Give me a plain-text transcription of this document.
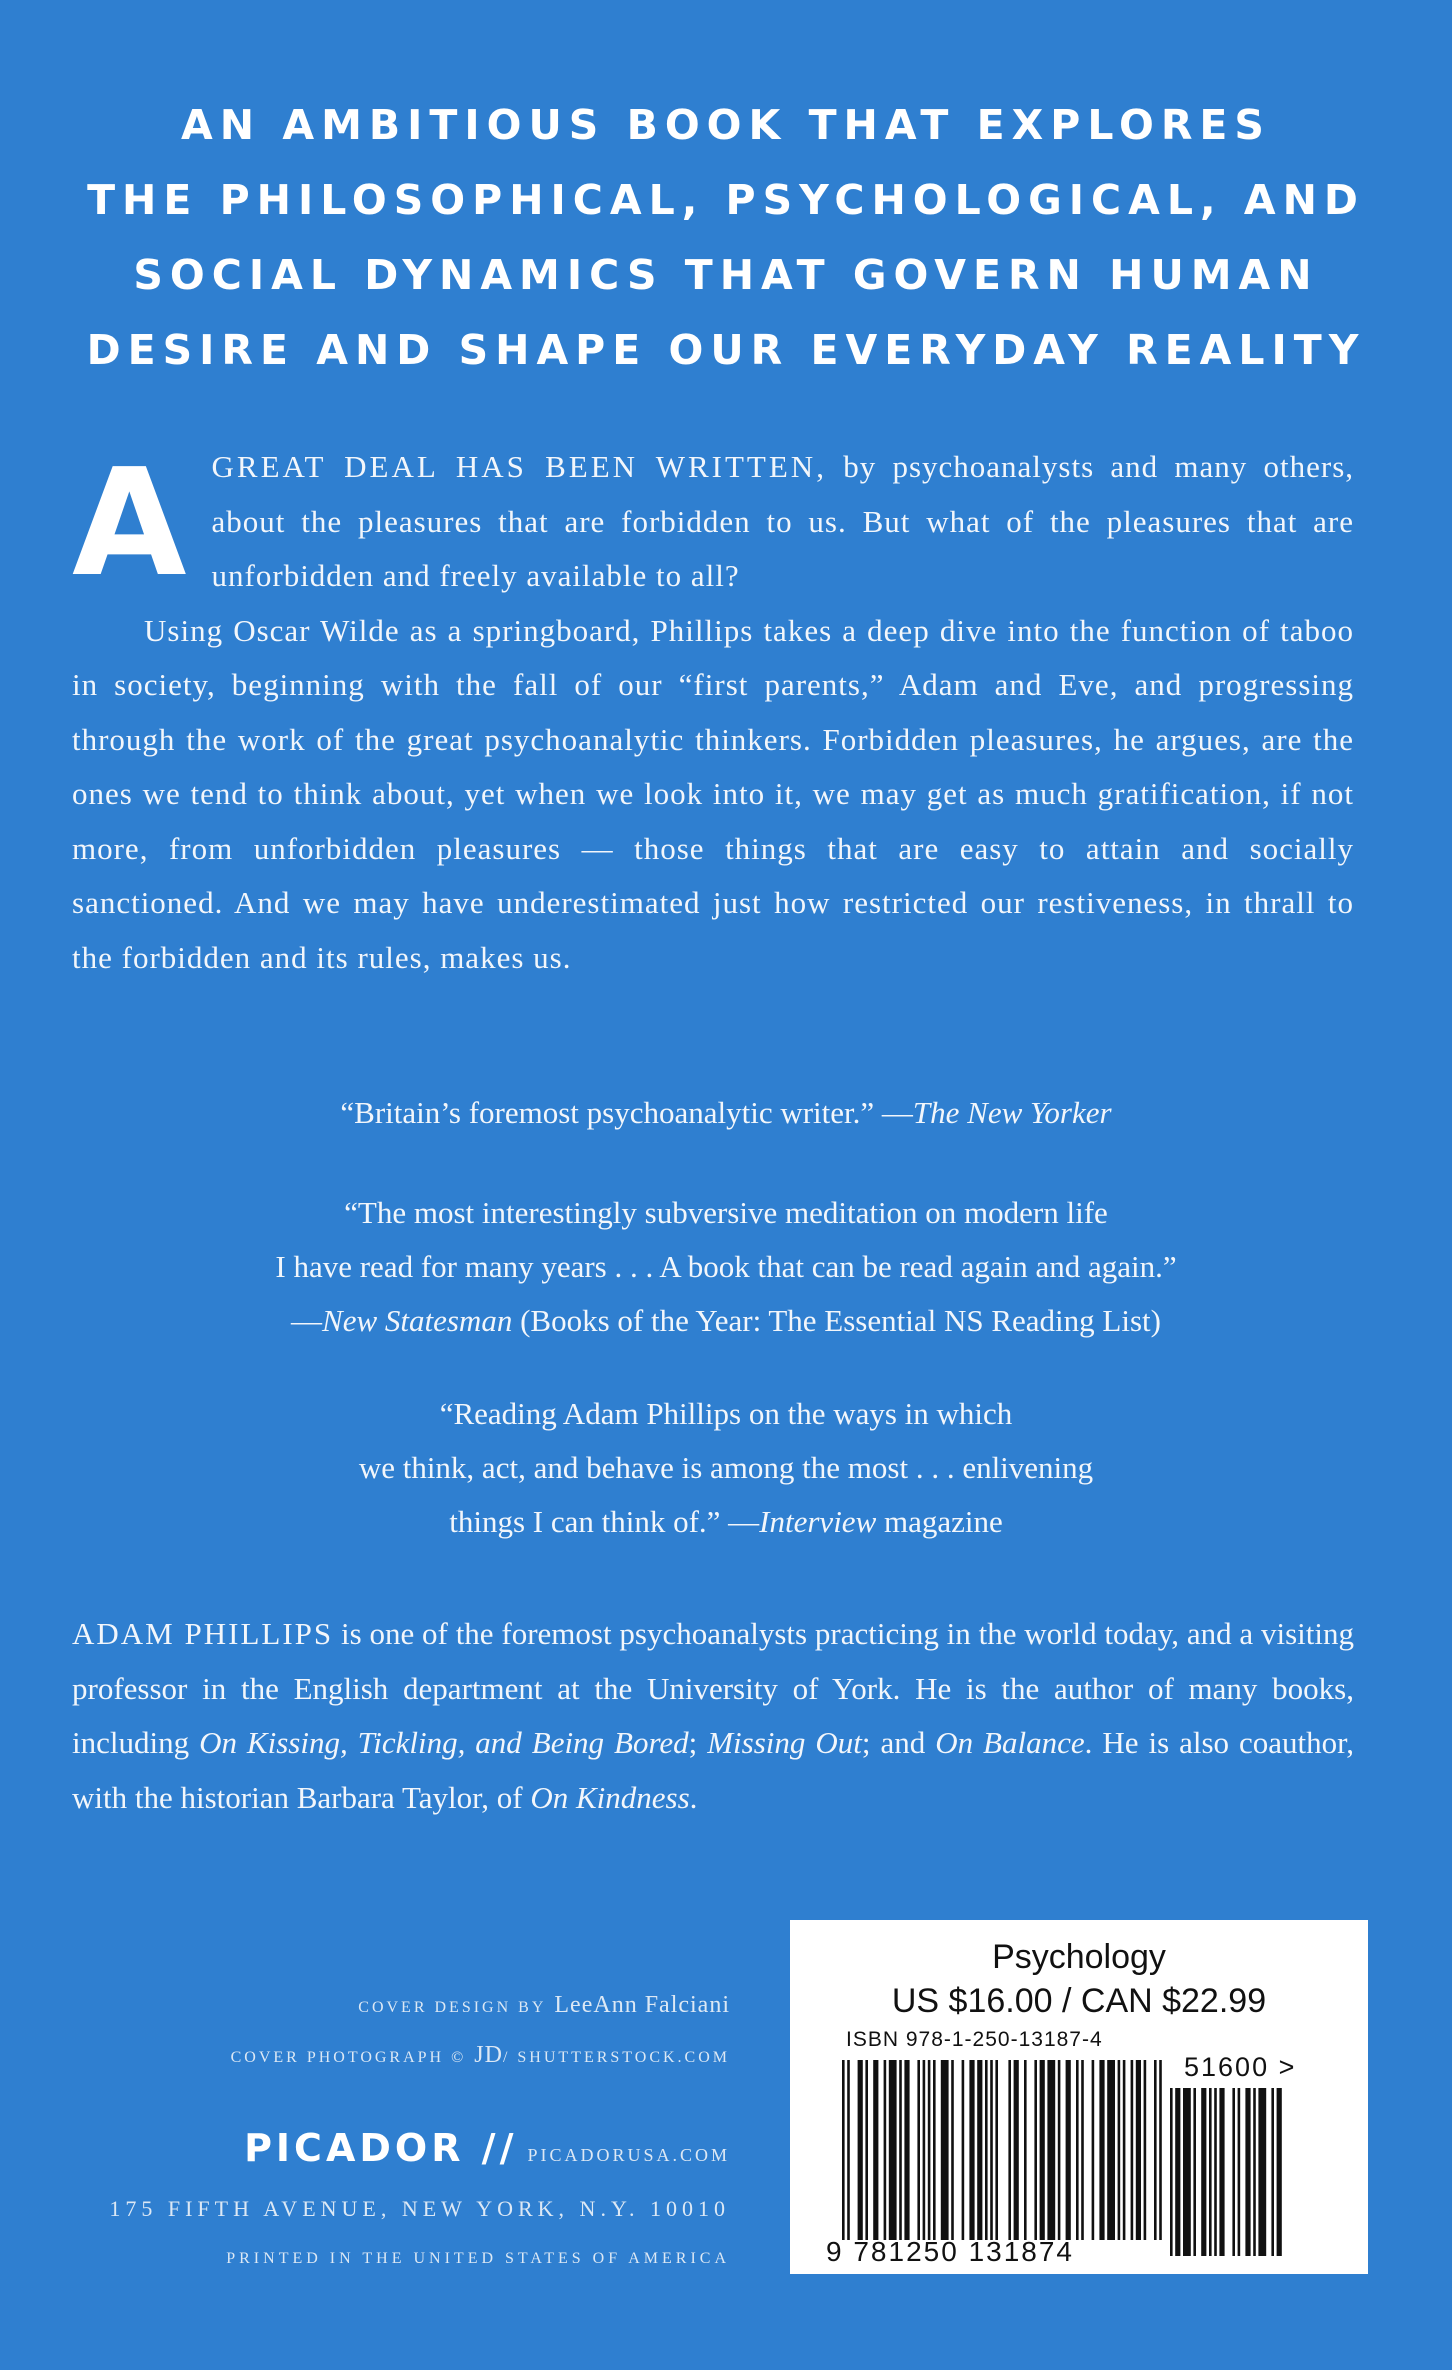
AN AMBITIOUS BOOK THAT EXPLORES
THE PHILOSOPHICAL, PSYCHOLOGICAL, AND
SOCIAL DYNAMICS THAT GOVERN HUMAN
DESIRE AND SHAPE OUR EVERYDAY REALITY
A GREAT DEAL HAS BEEN WRITTEN, by psychoanalysts and many others, about the pleasures that are forbidden to us. But what of the pleasures that are unforbidden and freely available to all?

Using Oscar Wilde as a springboard, Phillips takes a deep dive into the function of taboo in society, beginning with the fall of our “first parents,” Adam and Eve, and progressing through the work of the great psychoanalytic thinkers. Forbidden pleasures, he argues, are the ones we tend to think about, yet when we look into it, we may get as much gratification, if not more, from unforbidden pleasures — those things that are easy to attain and socially sanctioned. And we may have underestimated just how restricted our restiveness, in thrall to the forbidden and its rules, makes us.

“Britain’s foremost psychoanalytic writer.” —The New Yorker
“The most interestingly subversive meditation on modern life
I have read for many years . . . A book that can be read again and again.”
—New Statesman (Books of the Year: The Essential NS Reading List)
“Reading Adam Phillips on the ways in which
we think, act, and behave is among the most . . . enlivening
things I can think of.” —Interview magazine
ADAM PHILLIPS is one of the foremost psychoanalysts practicing in the world today, and a visiting professor in the English department at the University of York. He is the author of many books, including On Kissing, Tickling, and Being Bored; Missing Out; and On Balance. He is also coauthor, with the historian Barbara Taylor, of On Kindness.
COVER DESIGN BY LeeAnn Falciani
COVER PHOTOGRAPH © JD/ SHUTTERSTOCK.COM
PICADOR // PICADORUSA.COM
175 FIFTH AVENUE, NEW YORK, N.Y. 10010
PRINTED IN THE UNITED STATES OF AMERICA
Psychology
US $16.00 / CAN $22.99
ISBN 978-1-250-13187-4
9 781250 131874
51600 >
